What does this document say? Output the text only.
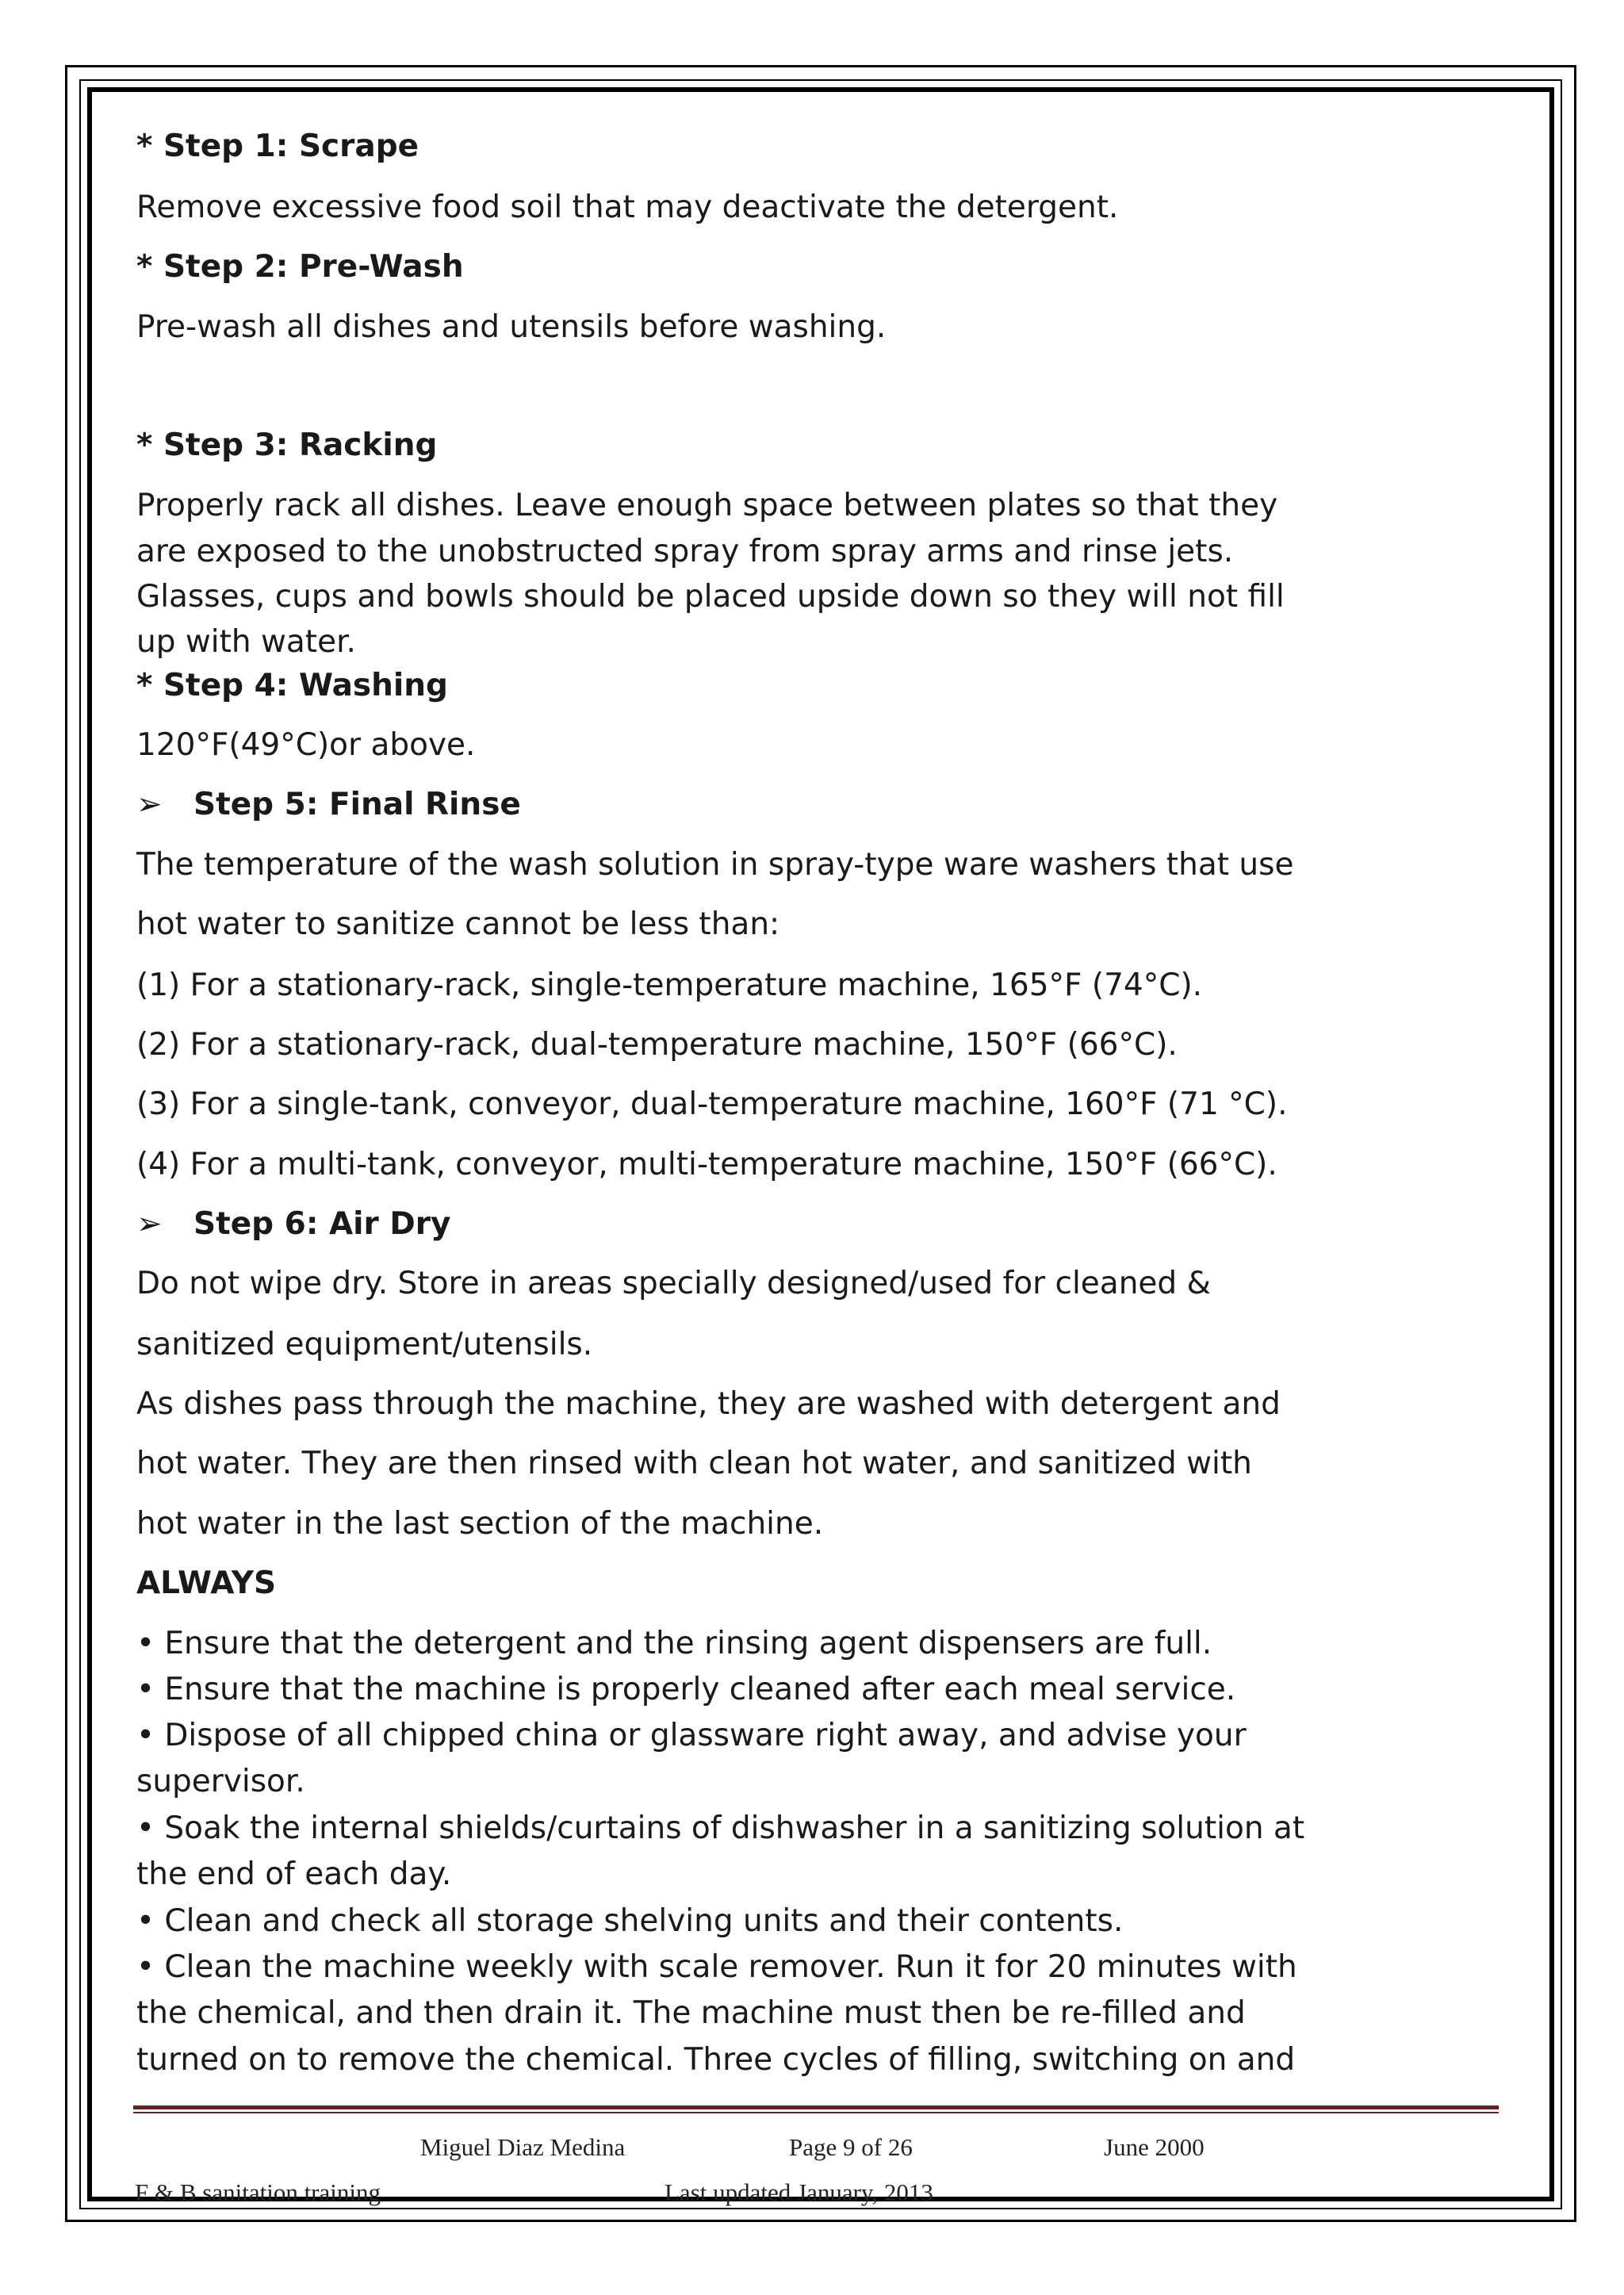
* Step 1: Scrape
Remove excessive food soil that may deactivate the detergent.
* Step 2: Pre-Wash
Pre-wash all dishes and utensils before washing.
* Step 3: Racking
Properly rack all dishes. Leave enough space between plates so that they
are exposed to the unobstructed spray from spray arms and rinse jets.
Glasses, cups and bowls should be placed upside down so they will not fill
up with water.
* Step 4: Washing
120°F(49°C)or above.
➢ Step 5: Final Rinse
The temperature of the wash solution in spray-type ware washers that use
hot water to sanitize cannot be less than:
(1) For a stationary-rack, single-temperature machine, 165°F (74°C).
(2) For a stationary-rack, dual-temperature machine, 150°F (66°C).
(3) For a single-tank, conveyor, dual-temperature machine, 160°F (71 °C).
(4) For a multi-tank, conveyor, multi-temperature machine, 150°F (66°C).
➢ Step 6: Air Dry
Do not wipe dry. Store in areas specially designed/used for cleaned &
sanitized equipment/utensils.
As dishes pass through the machine, they are washed with detergent and
hot water. They are then rinsed with clean hot water, and sanitized with
hot water in the last section of the machine.
ALWAYS
• Ensure that the detergent and the rinsing agent dispensers are full.
• Ensure that the machine is properly cleaned after each meal service.
• Dispose of all chipped china or glassware right away, and advise your
supervisor.
• Soak the internal shields/curtains of dishwasher in a sanitizing solution at
the end of each day.
• Clean and check all storage shelving units and their contents.
• Clean the machine weekly with scale remover. Run it for 20 minutes with
the chemical, and then drain it. The machine must then be re-filled and
turned on to remove the chemical. Three cycles of filling, switching on and
Miguel Diaz Medina	Page 9 of 26	June 2000
F & B sanitation training	Last updated January, 2013
